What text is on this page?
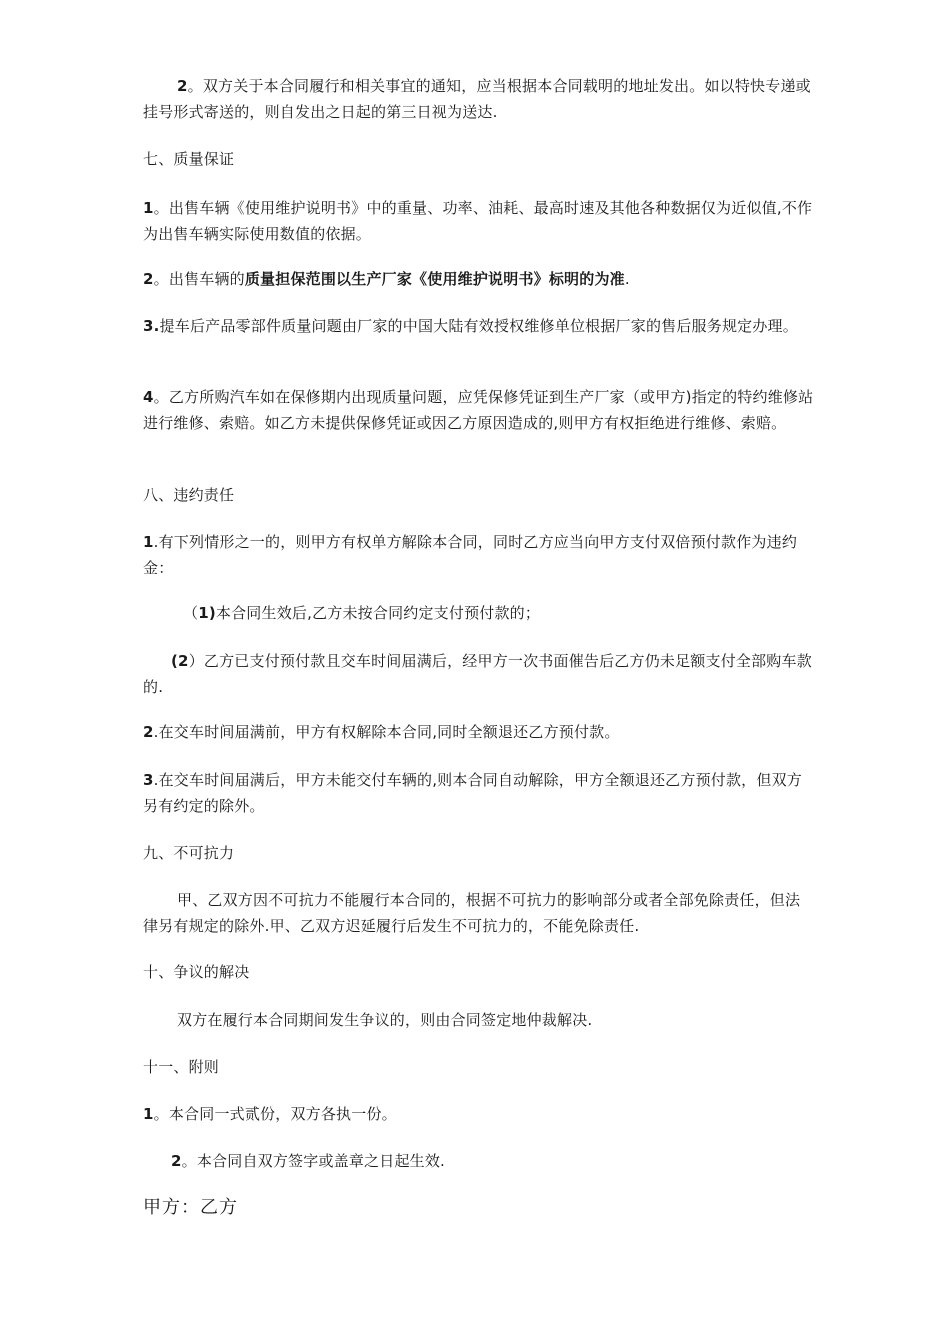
2。双方关于本合同履行和相关事宜的通知，应当根据本合同载明的地址发出。如以特快专递或挂号形式寄送的，则自发出之日起的第三日视为送达.

七、质量保证

1。出售车辆《使用维护说明书》中的重量、功率、油耗、最高时速及其他各种数据仅为近似值,不作为出售车辆实际使用数值的依据。

2。出售车辆的质量担保范围以生产厂家《使用维护说明书》标明的为准.

3.提车后产品零部件质量问题由厂家的中国大陆有效授权维修单位根据厂家的售后服务规定办理。

4。乙方所购汽车如在保修期内出现质量问题，应凭保修凭证到生产厂家（或甲方)指定的特约维修站进行维修、索赔。如乙方未提供保修凭证或因乙方原因造成的,则甲方有权拒绝进行维修、索赔。

八、违约责任

1.有下列情形之一的，则甲方有权单方解除本合同，同时乙方应当向甲方支付双倍预付款作为违约金：

（1)本合同生效后,乙方未按合同约定支付预付款的；

(2）乙方已支付预付款且交车时间届满后，经甲方一次书面催告后乙方仍未足额支付全部购车款的.

2.在交车时间届满前，甲方有权解除本合同,同时全额退还乙方预付款。

3.在交车时间届满后，甲方未能交付车辆的,则本合同自动解除，甲方全额退还乙方预付款，但双方另有约定的除外。

九、不可抗力

甲、乙双方因不可抗力不能履行本合同的，根据不可抗力的影响部分或者全部免除责任，但法律另有规定的除外.甲、乙双方迟延履行后发生不可抗力的，不能免除责任.

十、争议的解决

双方在履行本合同期间发生争议的，则由合同签定地仲裁解决.

十一、附则

1。本合同一式贰份，双方各执一份。

2。本合同自双方签字或盖章之日起生效.

甲方：乙方
